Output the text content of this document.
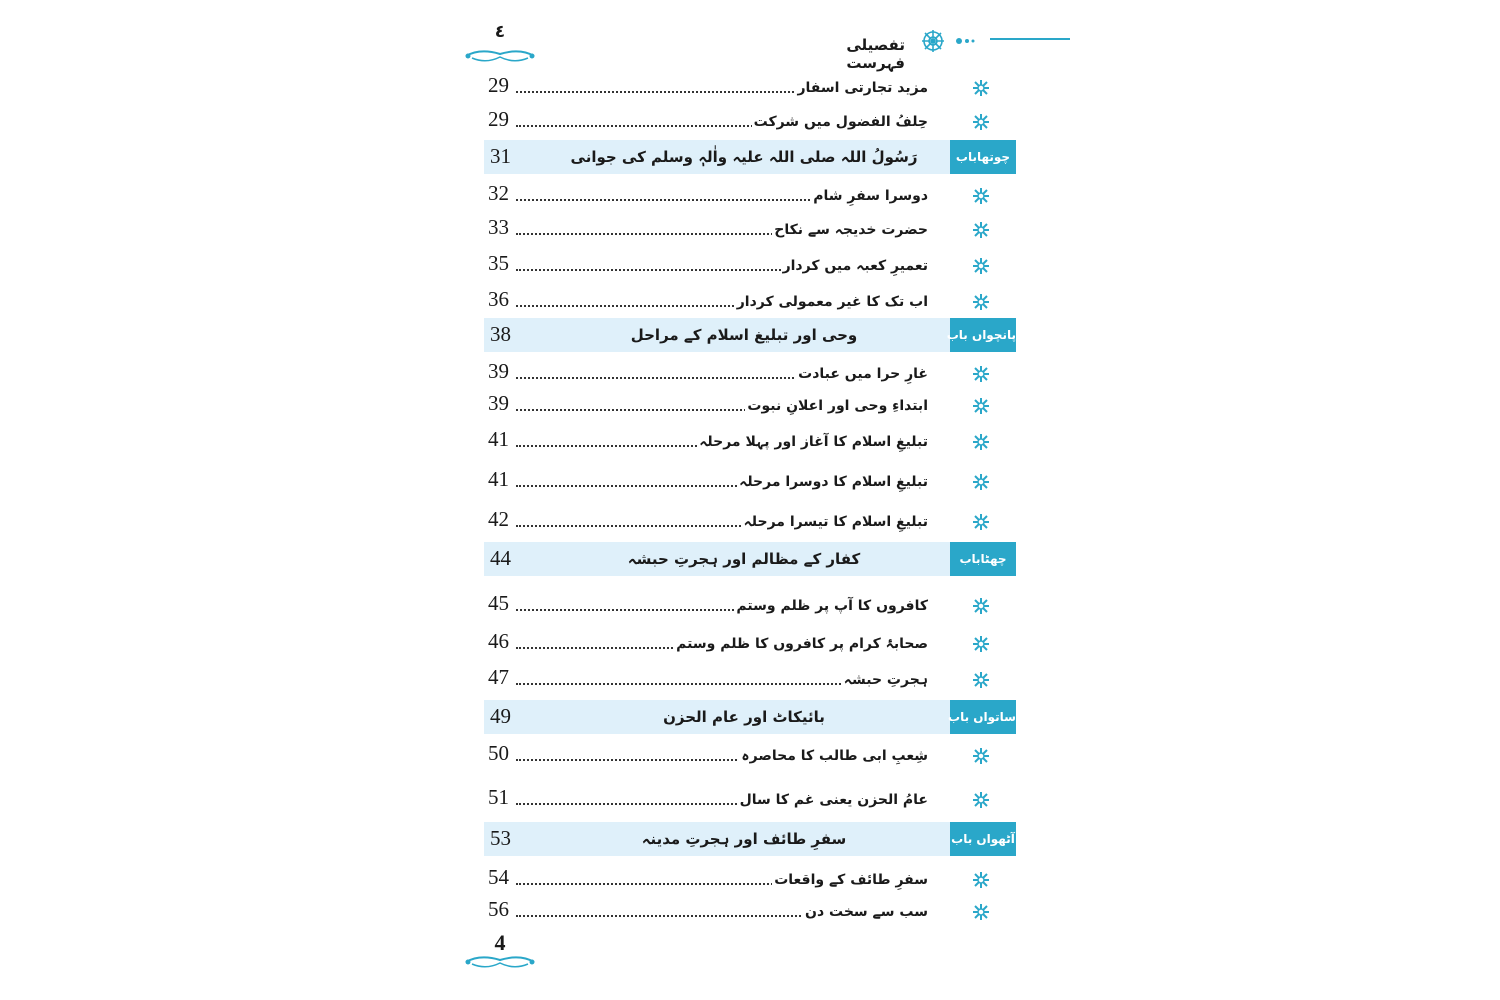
٤
تفصیلی فہرست
29	مزید تجارتی اسفار
29	حِلفُ الفضول میں شرکت
31	رَسُولُ اللہ صلی اللہ علیہ واٰلہٖ وسلم کی جوانی	چوتھاباب
32	دوسرا سفرِ شام
33	حضرت خدیجہ سے نکاح
35	تعمیرِ کعبہ میں کردار
36	اب تک کا غیر معمولی کردار
38	وحی اور تبلیغ اسلام کے مراحل	پانچواں باب
39	غارِ حرا میں عبادت
39	ابتداءِ وحی اور اعلانِ نبوت
41	تبلیغِ اسلام کا آغاز اور پہلا مرحلہ
41	تبلیغِ اسلام کا دوسرا مرحلہ
42	تبلیغِ اسلام کا تیسرا مرحلہ
44	کفار کے مظالم اور ہجرتِ حبشہ	چھٹاباب
45	کافروں کا آپ پر ظلم وستم
46	صحابۂ کرام پر کافروں کا ظلم وستم
47	ہجرتِ حبشہ
49	بائیکاٹ اور عام الحزن	ساتواں باب
50	شِعبِ ابی طالب کا محاصرہ
51	عامُ الحزن یعنی غم کا سال
53	سفرِ طائف اور ہجرتِ مدینہ	آٹھواں باب
54	سفرِ طائف کے واقعات
56	سب سے سخت دن
4
